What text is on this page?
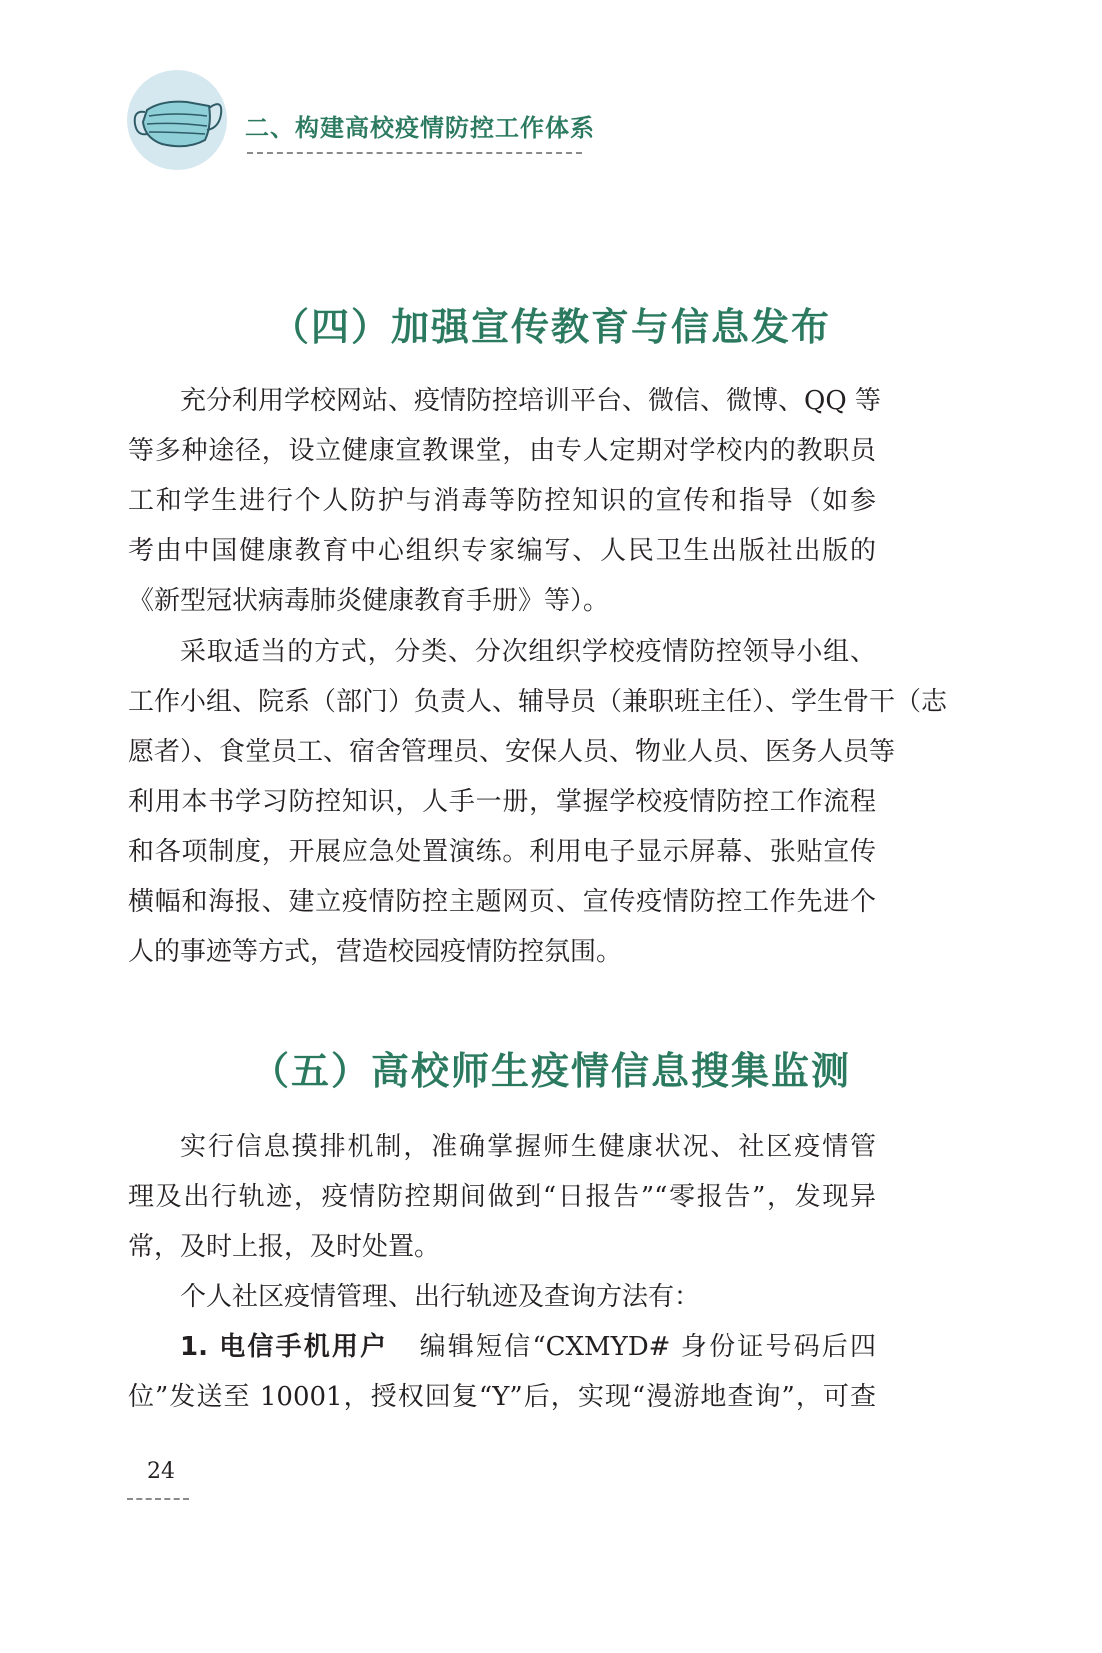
二、构建高校疫情防控工作体系
（四）加强宣传教育与信息发布
充分利用学校网站、疫情防控培训平台、微信、微博、QQ 等
等多种途径，设立健康宣教课堂，由专人定期对学校内的教职员
工和学生进行个人防护与消毒等防控知识的宣传和指导（如参
考由中国健康教育中心组织专家编写、人民卫生出版社出版的
《新型冠状病毒肺炎健康教育手册》等）。
采取适当的方式，分类、分次组织学校疫情防控领导小组、
工作小组、院系（部门）负责人、辅导员（兼职班主任）、学生骨干（志
愿者）、食堂员工、宿舍管理员、安保人员、物业人员、医务人员等
利用本书学习防控知识，人手一册，掌握学校疫情防控工作流程
和各项制度，开展应急处置演练。利用电子显示屏幕、张贴宣传
横幅和海报、建立疫情防控主题网页、宣传疫情防控工作先进个
人的事迹等方式，营造校园疫情防控氛围。
（五）高校师生疫情信息搜集监测
实行信息摸排机制，准确掌握师生健康状况、社区疫情管
理及出行轨迹，疫情防控期间做到“日报告”“零报告”，发现异
常，及时上报，及时处置。
个人社区疫情管理、出行轨迹及查询方法有：
1. 电信手机用户 编辑短信“CXMYD# 身份证号码后四
位”发送至 10001，授权回复“Y”后，实现“漫游地查询”，可查
24
